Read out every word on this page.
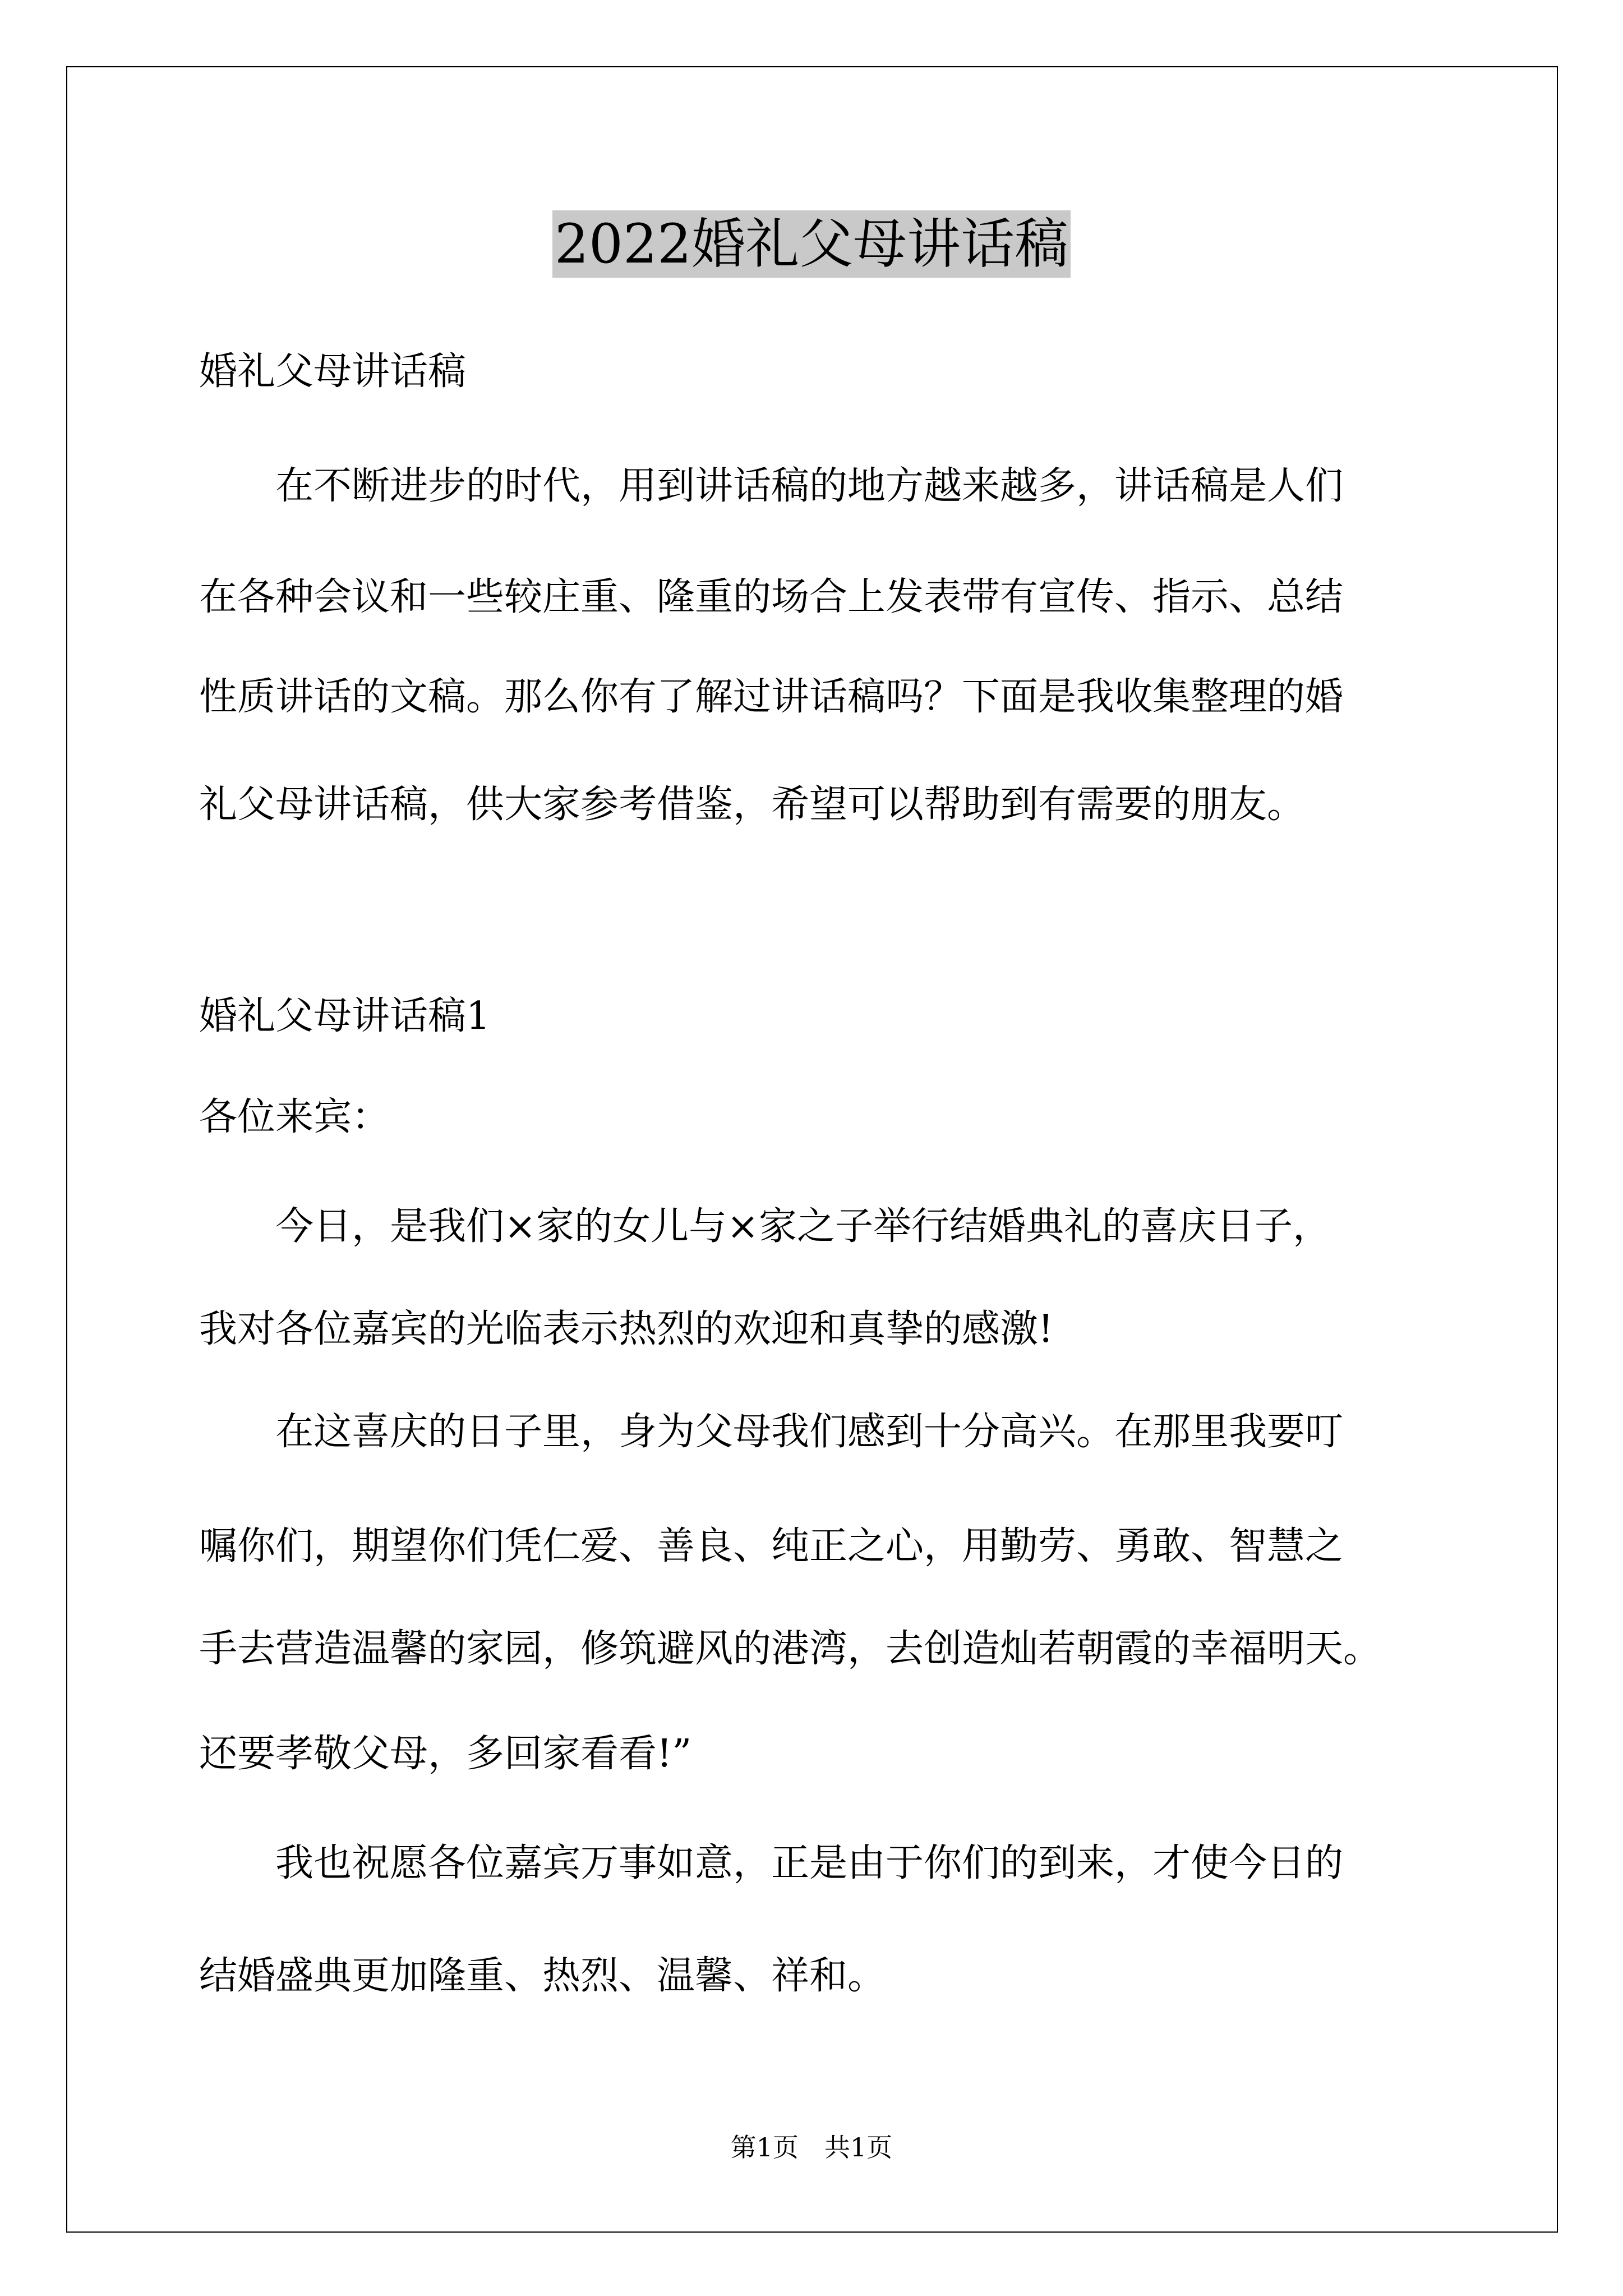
2022婚礼父母讲话稿
婚礼父母讲话稿
　　在不断进步的时代，用到讲话稿的地方越来越多，讲话稿是人们
在各种会议和一些较庄重、隆重的场合上发表带有宣传、指示、总结
性质讲话的文稿。那么你有了解过讲话稿吗？下面是我收集整理的婚
礼父母讲话稿，供大家参考借鉴，希望可以帮助到有需要的朋友。
婚礼父母讲话稿1
各位来宾：
　　今日，是我们×家的女儿与×家之子举行结婚典礼的喜庆日子，
我对各位嘉宾的光临表示热烈的欢迎和真挚的感激!
　　在这喜庆的日子里，身为父母我们感到十分高兴。在那里我要叮
嘱你们，期望你们凭仁爱、善良、纯正之心，用勤劳、勇敢、智慧之
手去营造温馨的家园，修筑避风的港湾，去创造灿若朝霞的幸福明天。
还要孝敬父母，多回家看看!”
　　我也祝愿各位嘉宾万事如意，正是由于你们的到来，才使今日的
结婚盛典更加隆重、热烈、温馨、祥和。
第1页　共1页
